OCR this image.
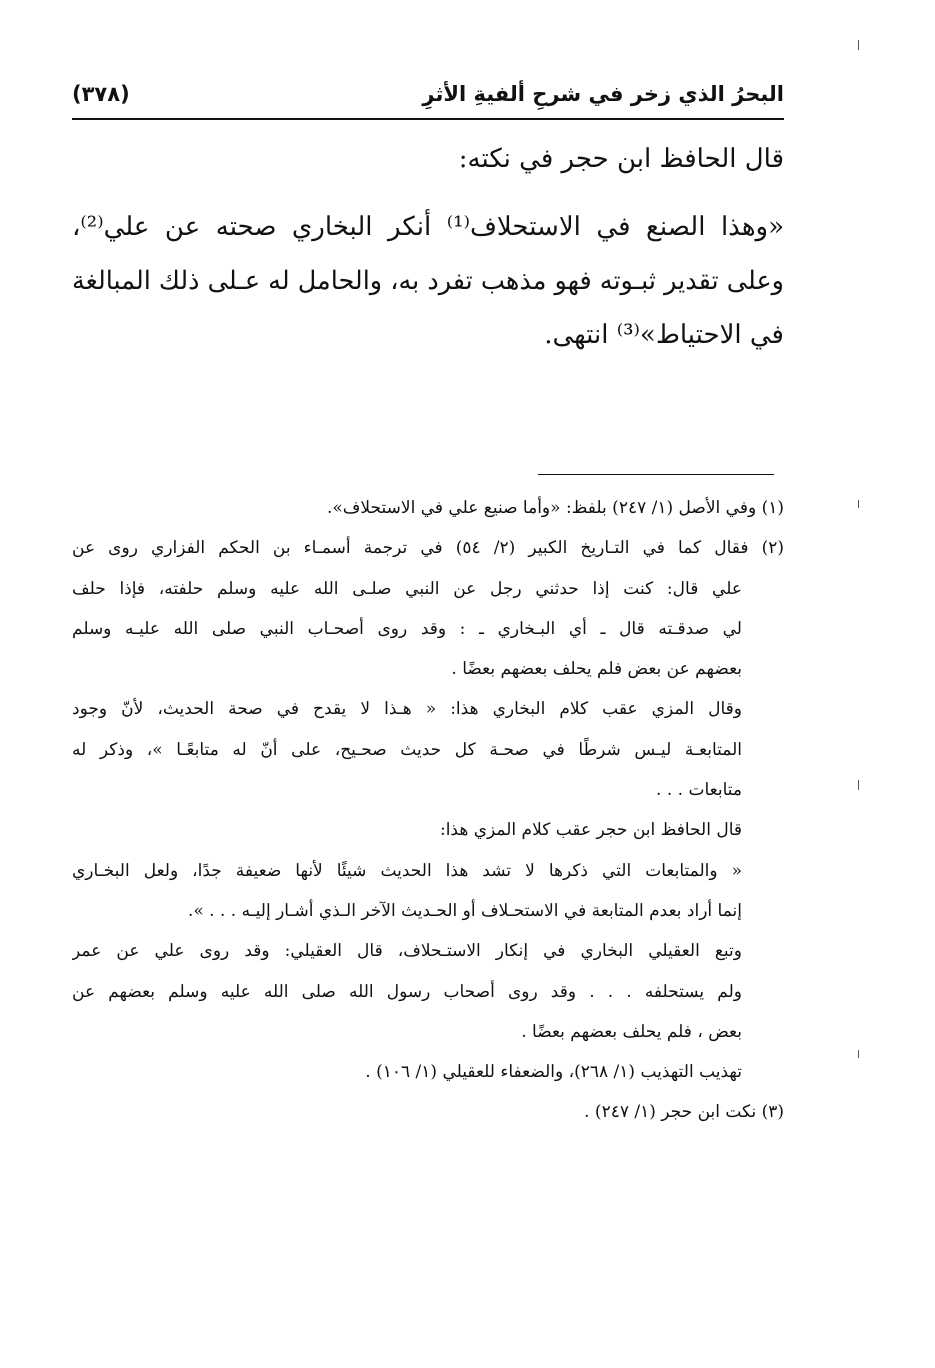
البحرُ الذي زخر في شرحِ ألفيةِ الأثرِ
(٣٧٨)
قال الحافظ ابن حجر في نكته:
«وهذا الصنع في الاستحلاف⁽¹⁾ أنكر البخاري صحته عن علي⁽²⁾،
وعلى تقدير ثبـوته فهو مذهب تفرد به، والحامل له عـلى ذلك المبالغة
في الاحتياط»⁽³⁾ انتهى.
(١) وفي الأصل (١/ ٢٤٧) بلفظ: «وأما صنيع علي في الاستحلاف».
(٢) فقال كما في التـاريخ الكبير (٢/ ٥٤) في ترجمة أسمـاء بن الحكم الفزاري روى عن
علي قال: كنت إذا حدثني رجل عن النبي صلـى الله عليه وسلم حلفته، فإذا حلف
لي صدقـته قال ـ أي البـخاري ـ : وقد روى أصحـاب النبي صلى الله عليـه وسلم
بعضهم عن بعض فلم يحلف بعضهم بعضًا .
وقال المزي عقب كلام البخاري هذا: « هـذا لا يقدح في صحة الحديث، لأنّ وجود
المتابعـة ليـس شرطًا في صحـة كل حديث صحـيح، على أنّ له متابعًـا »، وذكر له
متابعات . . .
قال الحافظ ابن حجر عقب كلام المزي هذا:
« والمتابعات التي ذكرها لا تشد هذا الحديث شيئًا لأنها ضعيفة جدًا، ولعل البخـاري
إنما أراد بعدم المتابعة في الاستحـلاف أو الحـديث الآخر الـذي أشـار إليـه . . . ».
وتبع العقيلي البخاري في إنكار الاستـحلاف، قال العقيلي: وقد روى علي عن عمر
ولم يستحلفه . . . وقد روى أصحاب رسول الله صلى الله عليه وسلم بعضهم عن
بعض ، فلم يحلف بعضهم بعضًا .
تهذيب التهذيب (١/ ٢٦٨)، والضعفاء للعقيلي (١/ ١٠٦) .
(٣) نكت ابن حجر (١/ ٢٤٧) .
